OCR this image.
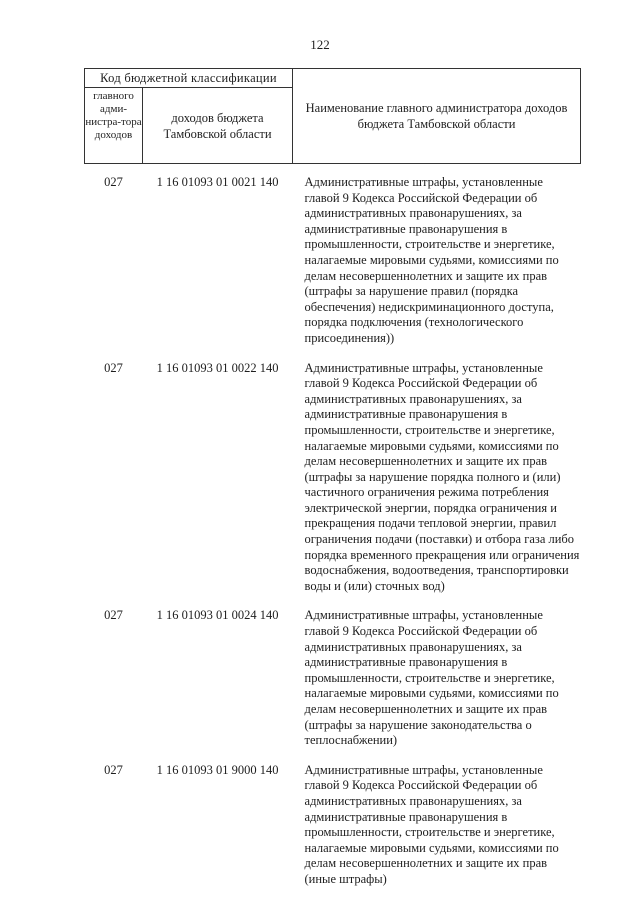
122
Код бюджетной классификации		Наименование главного администратора доходов бюджета Тамбовской области
главного адми-нистра-тора доходов	доходов бюджета Тамбовской области	

027	1 16 01093 01 0021 140	Административные штрафы, установленные главой 9 Кодекса Российской Федерации об административных правонарушениях, за административные правонарушения в промышленности, строительстве и энергетике, налагаемые мировыми судьями, комиссиями по делам несовершеннолетних и защите их прав (штрафы за нарушение правил (порядка обеспечения) недискриминационного доступа, порядка подключения (технологического присоединения))

027	1 16 01093 01 0022 140	Административные штрафы, установленные главой 9 Кодекса Российской Федерации об административных правонарушениях, за административные правонарушения в промышленности, строительстве и энергетике, налагаемые мировыми судьями, комиссиями по делам несовершеннолетних и защите их прав (штрафы за нарушение порядка полного и (или) частичного ограничения режима потребления электрической энергии, порядка ограничения и прекращения подачи тепловой энергии, правил ограничения подачи (поставки) и отбора газа либо порядка временного прекращения или ограничения водоснабжения, водоотведения, транспортировки воды и (или) сточных вод)

027	1 16 01093 01 0024 140	Административные штрафы, установленные главой 9 Кодекса Российской Федерации об административных правонарушениях, за административные правонарушения в промышленности, строительстве и энергетике, налагаемые мировыми судьями, комиссиями по делам несовершеннолетних и защите их прав (штрафы за нарушение законодательства о теплоснабжении)

027	1 16 01093 01 9000 140	Административные штрафы, установленные главой 9 Кодекса Российской Федерации об административных правонарушениях, за административные правонарушения в промышленности, строительстве и энергетике, налагаемые мировыми судьями, комиссиями по делам несовершеннолетних и защите их прав (иные штрафы)
